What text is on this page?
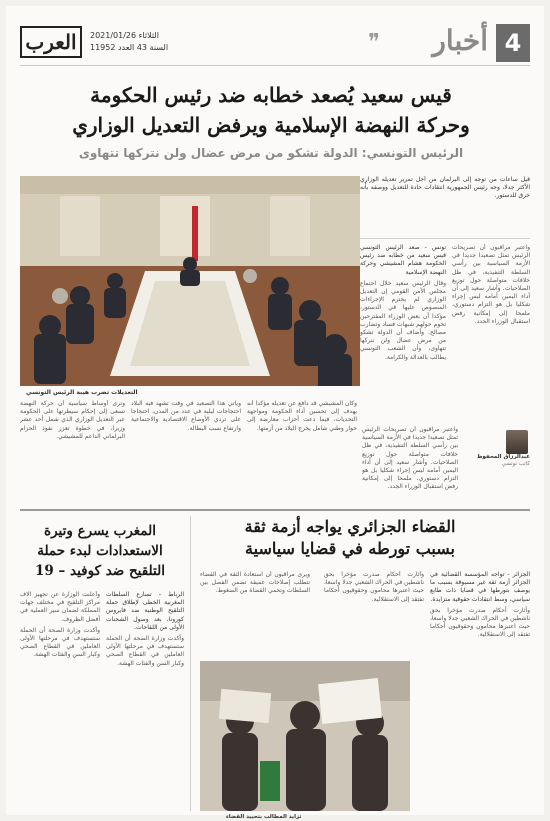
4
أخبار
❞
العرب	الثلاثاء 2021/01/26
السنة 43 العدد 11952
قيس سعيد يُصعد خطابه ضد رئيس الحكومة
وحركة النهضة الإسلامية ويرفض التعديل الوزاري
الرئيس التونسي: الدولة تشكو من مرض عضال ولن نتركها تتهاوى

قيل ساعات من توجه إلى البرلمان من أجل تمرير تعديله الوزاري الأكثر جدلا، وجه رئيس الجمهورية انتقادات حادة للتعديل ووصفه بأنه خرق للدستور.

تونس - صعد الرئيس التونسي قيس سعيد من خطابه ضد رئيس الحكومة هشام المشيشي وحركة النهضة الإسلامية

وقال الرئيس سعيد خلال اجتماع مجلس الأمن القومي إن التعديل الوزاري لم يحترم الإجراءات المنصوص عليها في الدستور، مؤكدا أن بعض الوزراء المقترحين تحوم حولهم شبهات فساد وتضارب مصالح. وأضاف أن الدولة تشكو من مرض عضال ولن نتركها تتهاوى، وأن الشعب التونسي يطالب بالعدالة والكرامة.

واعتبر مراقبون أن تصريحات الرئيس تمثل تصعيدا جديدا في الأزمة السياسية بين رأسي السلطة التنفيذية، في ظل خلافات متواصلة حول توزيع الصلاحيات. وأشار سعيد إلى أن أداء اليمين أمامه ليس إجراء شكليا بل هو التزام دستوري، ملمحا إلى إمكانية رفض استقبال الوزراء الجدد.

التعديلات تضرب هيبة الرئيس التونسي

وترى أوساط سياسية أن حركة النهضة تسعى إلى إحكام سيطرتها على الحكومة عبر التعديل الوزاري الذي شمل أحد عشر وزيرا، في خطوة تعزز نفوذ الحزام البرلماني الداعم للمشيشي.

ويأتي هذا التصعيد في وقت تشهد فيه البلاد احتجاجات ليلية في عدد من المدن، احتجاجا على تردي الأوضاع الاقتصادية والاجتماعية وارتفاع نسب البطالة.

وكان المشيشي قد دافع عن تعديله مؤكدا أنه يهدف إلى تحسين أداء الحكومة ومواجهة التحديات، فيما دعت أحزاب معارضة إلى حوار وطني شامل يخرج البلاد من أزمتها.

عبدالرزاق المحفوظ
كاتب تونسي

واعتبر مراقبون أن تصريحات الرئيس تمثل تصعيدا جديدا في الأزمة السياسية بين رأسي السلطة التنفيذية، في ظل خلافات متواصلة حول توزيع الصلاحيات. وأشار سعيد إلى أن أداء اليمين أمامه ليس إجراء شكليا بل هو التزام دستوري، ملمحا إلى إمكانية رفض استقبال الوزراء الجدد.

القضاء الجزائري يواجه أزمة ثقة
بسبب تورطه في قضايا سياسية

الجزائر - تواجه المؤسسة القضائية في الجزائر أزمة ثقة غير مسبوقة بسبب ما يوصف بتورطها في قضايا ذات طابع سياسي، وسط انتقادات حقوقية متزايدة.

وأثارت أحكام صدرت مؤخرا بحق ناشطين في الحراك الشعبي جدلا واسعا، حيث اعتبرها محامون وحقوقيون أحكاما تفتقد إلى الاستقلالية.

وأثارت أحكام صدرت مؤخرا بحق ناشطين في الحراك الشعبي جدلا واسعا، حيث اعتبرها محامون وحقوقيون أحكاما تفتقد إلى الاستقلالية.

ويرى مراقبون أن استعادة الثقة في القضاء تتطلب إصلاحات عميقة تضمن الفصل بين السلطات وتحمي القضاة من الضغوط.

تزايد المطالب بتحييد القضاء
المغرب يسرع وتيرة
الاستعدادات لبدء حملة
التلقيح ضد كوفيد – 19

الرباط - تسارع السلطات المغربية الخطى لإطلاق حملة التلقيح الوطنية ضد فايروس كورونا، بعد وصول الشحنات الأولى من اللقاحات.

وأكدت وزارة الصحة أن الحملة ستستهدف في مرحلتها الأولى العاملين في القطاع الصحي وكبار السن والفئات الهشة.

وأعلنت الوزارة عن تجهيز آلاف مراكز التلقيح في مختلف جهات المملكة لضمان سير العملية في أفضل الظروف.

وأكدت وزارة الصحة أن الحملة ستستهدف في مرحلتها الأولى العاملين في القطاع الصحي وكبار السن والفئات الهشة.
